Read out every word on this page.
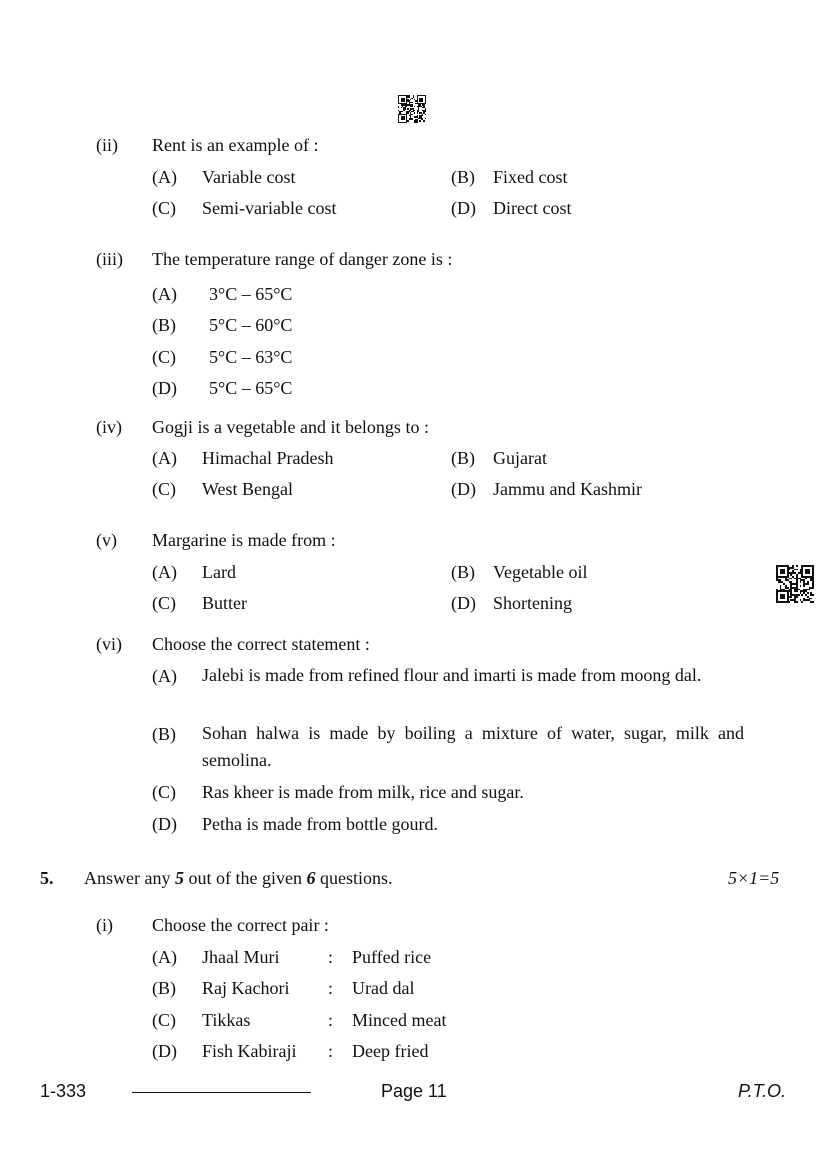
(ii) Rent is an example of :
(A) Variable cost	(B) Fixed cost
(C) Semi-variable cost	(D) Direct cost
(iii) The temperature range of danger zone is :
(A) 3°C – 65°C
(B) 5°C – 60°C
(C) 5°C – 63°C
(D) 5°C – 65°C
(iv) Gogji is a vegetable and it belongs to :
(A) Himachal Pradesh	(B) Gujarat
(C) West Bengal	(D) Jammu and Kashmir
(v) Margarine is made from :
(A) Lard	(B) Vegetable oil
(C) Butter	(D) Shortening
(vi) Choose the correct statement :
(A) Jalebi is made from refined flour and imarti is made from moong dal.
(B) Sohan halwa is made by boiling a mixture of water, sugar, milk and semolina.
(C) Ras kheer is made from milk, rice and sugar.
(D) Petha is made from bottle gourd.
5. Answer any 5 out of the given 6 questions.	5×1=5
(i) Choose the correct pair :
(A) Jhaal Muri	: Puffed rice
(B) Raj Kachori : Urad dal
(C) Tikkas	: Minced meat
(D) Fish Kabiraji : Deep fried
1-333	Page 11	P.T.O.
